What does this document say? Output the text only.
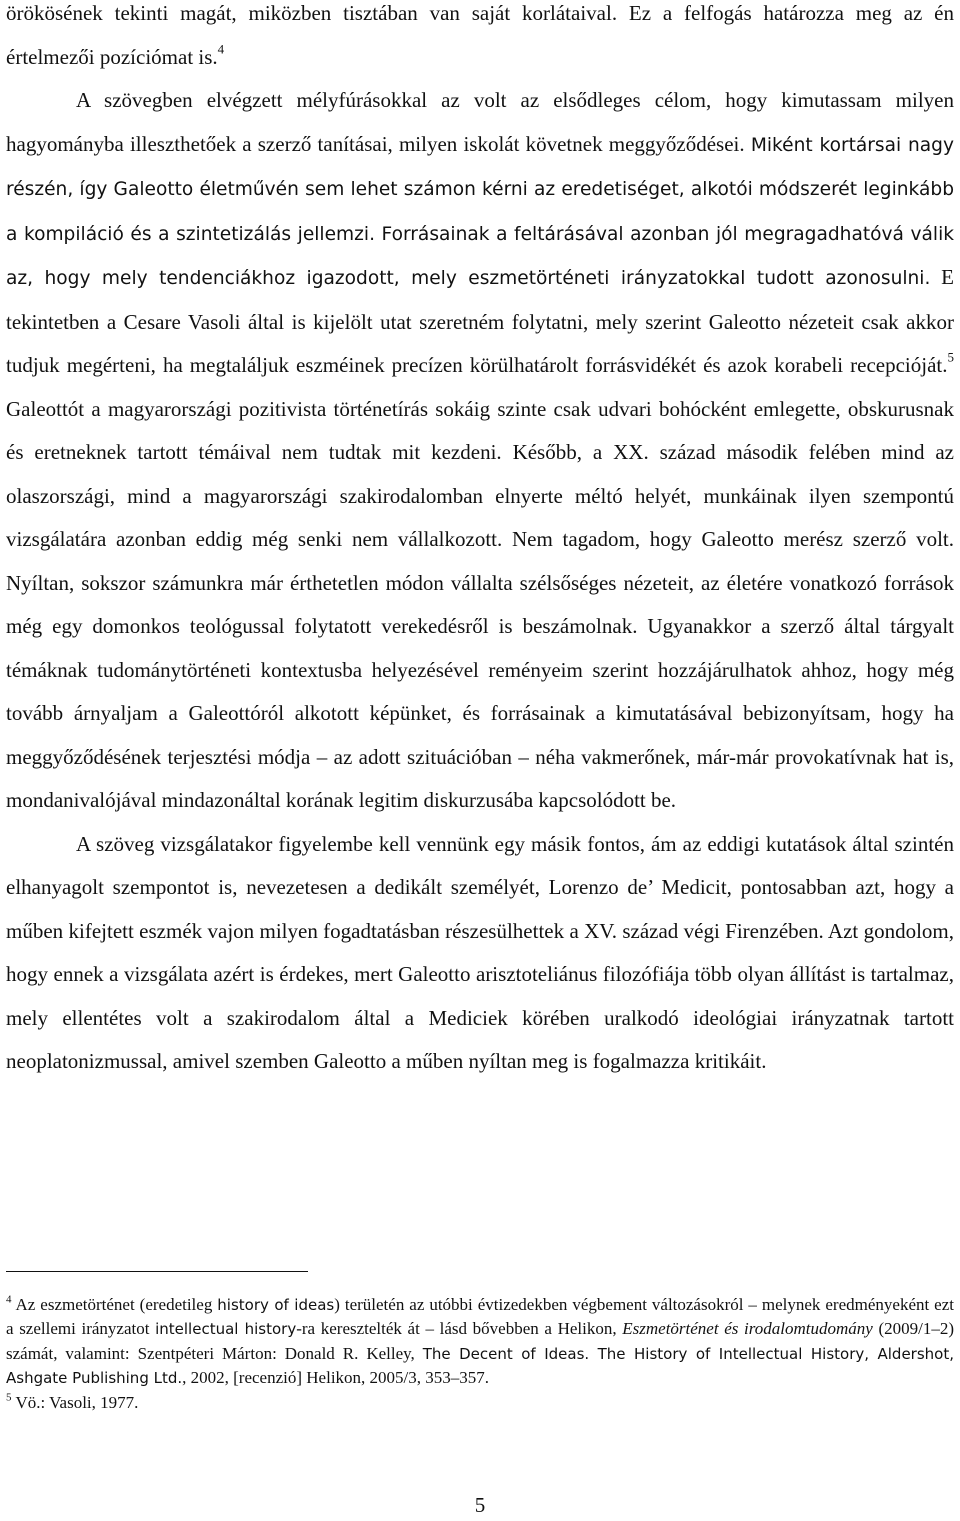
örökösének tekinti magát, miközben tisztában van saját korlátaival. Ez a felfogás határozza meg az én értelmezői pozíciómat is.$^4$

A szövegben elvégzett mélyfúrásokkal az volt az elsődleges célom, hogy kimutassam milyen hagyományba illeszthetőek a szerző tanításai, milyen iskolát követnek meggyőződései. Miként kortársai nagy részén, így Galeotto életművén sem lehet számon kérni az eredetiséget, alkotói módszerét leginkább a kompiláció és a szintetizálás jellemzi. Forrásainak a feltárásával azonban jól megragadhatóvá válik az, hogy mely tendenciákhoz igazodott, mely eszmetörténeti irányzatokkal tudott azonosulni. E tekintetben a Cesare Vasoli által is kijelölt utat szeretném folytatni, mely szerint Galeotto nézeteit csak akkor tudjuk megérteni, ha megtaláljuk eszméinek precízen körülhatárolt forrásvidékét és azok korabeli recepcióját.$^5$ Galeottót a magyarországi pozitivista történetírás sokáig szinte csak udvari bohócként emlegette, obskurusnak és eretneknek tartott témáival nem tudtak mit kezdeni. Később, a XX. század második felében mind az olaszországi, mind a magyarországi szakirodalomban elnyerte méltó helyét, munkáinak ilyen szempontú vizsgálatára azonban eddig még senki nem vállalkozott. Nem tagadom, hogy Galeotto merész szerző volt. Nyíltan, sokszor számunkra már érthetetlen módon vállalta szélsőséges nézeteit, az életére vonatkozó források még egy domonkos teológussal folytatott verekedésről is beszámolnak. Ugyanakkor a szerző által tárgyalt témáknak tudománytörténeti kontextusba helyezésével reményeim szerint hozzájárulhatok ahhoz, hogy még tovább árnyaljam a Galeottóról alkotott képünket, és forrásainak a kimutatásával bebizonyítsam, hogy ha meggyőződésének terjesztési módja – az adott szituációban – néha vakmerőnek, már-már provokatívnak hat is, mondanivalójával mindazonáltal korának legitim diskurzusába kapcsolódott be.

A szöveg vizsgálatakor figyelembe kell vennünk egy másik fontos, ám az eddigi kutatások által szintén elhanyagolt szempontot is, nevezetesen a dedikált személyét, Lorenzo de’ Medicit, pontosabban azt, hogy a műben kifejtett eszmék vajon milyen fogadtatásban részesülhettek a XV. század végi Firenzében. Azt gondolom, hogy ennek a vizsgálata azért is érdekes, mert Galeotto arisztoteliánus filozófiája több olyan állítást is tartalmaz, mely ellentétes volt a szakirodalom által a Mediciek körében uralkodó ideológiai irányzatnak tartott neoplatonizmussal, amivel szemben Galeotto a műben nyíltan meg is fogalmazza kritikáit.

$^4$ Az eszmetörténet (eredetileg history of ideas) területén az utóbbi évtizedekben végbement változásokról – melynek eredményeként ezt a szellemi irányzatot intellectual history-ra keresztelték át – lásd bővebben a Helikon, Eszmetörténet és irodalomtudomány (2009/1–2) számát, valamint: Szentpéteri Márton: Donald R. Kelley, The Decent of Ideas. The History of Intellectual History, Aldershot, Ashgate Publishing Ltd., 2002, [recenzió] Helikon, 2005/3, 353–357.

$^5$ Vö.: Vasoli, 1977.

5
